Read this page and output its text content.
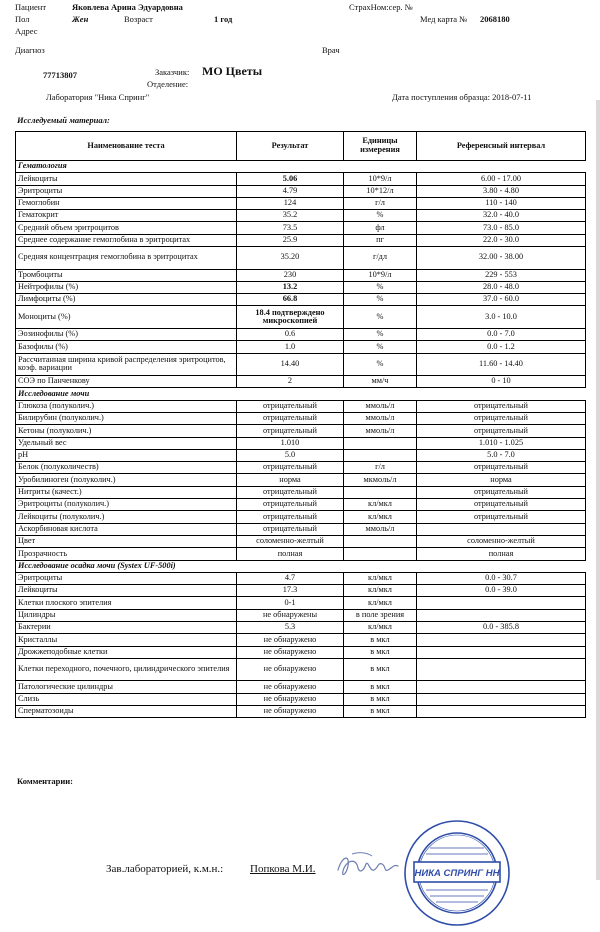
Пациент	Яковлева Арина Эдуардовна	СтрахНом:сер. №
Пол	Жен	Возраст	1 год	Мед карта № 2068180
Адрес
Диагноз	Врач
77713807	Заказчик: МО Цветы
Отделение:
Лаборатория "Ника Спринг"	Дата поступления образца: 2018-07-11
Исследуемый материал:
Наименование теста	Результат	Единицы измерения	Референсный интервал
Гематология			
Лейкоциты	5.06	10*9/л	6.00 - 17.00
Эритроциты	4.79	10*12/л	3.80 - 4.80
Гемоглобин	124	г/л	110 - 140
Гематокрит	35.2	%	32.0 - 40.0
Средний объем эритроцитов	73.5	фл	73.0 - 85.0
Среднее содержание гемоглобина в эритроцитах	25.9	пг	22.0 - 30.0
Средняя концентрация гемоглобина в эритроцитах	35.20	г/дл	32.00 - 38.00
Тромбоциты	230	10*9/л	229 - 553
Нейтрофилы (%)	13.2	%	28.0 - 48.0
Лимфоциты (%)	66.8	%	37.0 - 60.0
Моноциты (%)	18.4 подтверждено микроскопией	%	3.0 - 10.0
Эозинофилы (%)	0.6	%	0.0 - 7.0
Базофилы (%)	1.0	%	0.0 - 1.2
Рассчитанная ширина кривой распределения эритроцитов, коэф. вариации	14.40	%	11.60 - 14.40
СОЭ по Панченкову	2	мм/ч	0 - 10
Исследование мочи			
Глюкоза (полуколич.)	отрицательный	ммоль/л	отрицательный
Билирубин (полуколич.)	отрицательный	ммоль/л	отрицательный
Кетоны (полуколич.)	отрицательный	ммоль/л	отрицательный
Удельный вес	1.010		1.010 - 1.025
pH	5.0		5.0 - 7.0
Белок (полуколичеств)	отрицательный	г/л	отрицательный
Уробилиноген (полуколич.)	норма	мкмоль/л	норма
Нитриты (качест.)	отрицательный		отрицательный
Эритроциты (полуколич.)	отрицательный	кл/мкл	отрицательный
Лейкоциты (полуколич.)	отрицательный	кл/мкл	отрицательный
Аскорбиновая кислота	отрицательный	ммоль/л	
Цвет	соломенно-желтый		соломенно-желтый
Прозрачность	полная		полная
Исследование осадка мочи (Systex UF-500i)			
Эритроциты	4.7	кл/мкл	0.0 - 30.7
Лейкоциты	17.3	кл/мкл	0.0 - 39.0
Клетки плоского эпителия	0-1	кл/мкл	
Цилиндры	не обнаружены	в поле зрения	
Бактерии	5.3	кл/мкл	0.0 - 385.8
Кристаллы	не обнаружено	в мкл	
Дрожжеподобные клетки	не обнаружено	в мкл	
Клетки переходного, почечного, цилиндрического эпителия	не обнаружено	в мкл	
Патологические цилиндры	не обнаружено	в мкл	
Слизь	не обнаружено	в мкл	
Сперматозоиды	не обнаружено	в мкл	
Комментарии:
Зав.лабораторией, к.м.н.: Попкова М.И.	НИКА СПРИНГ НН
